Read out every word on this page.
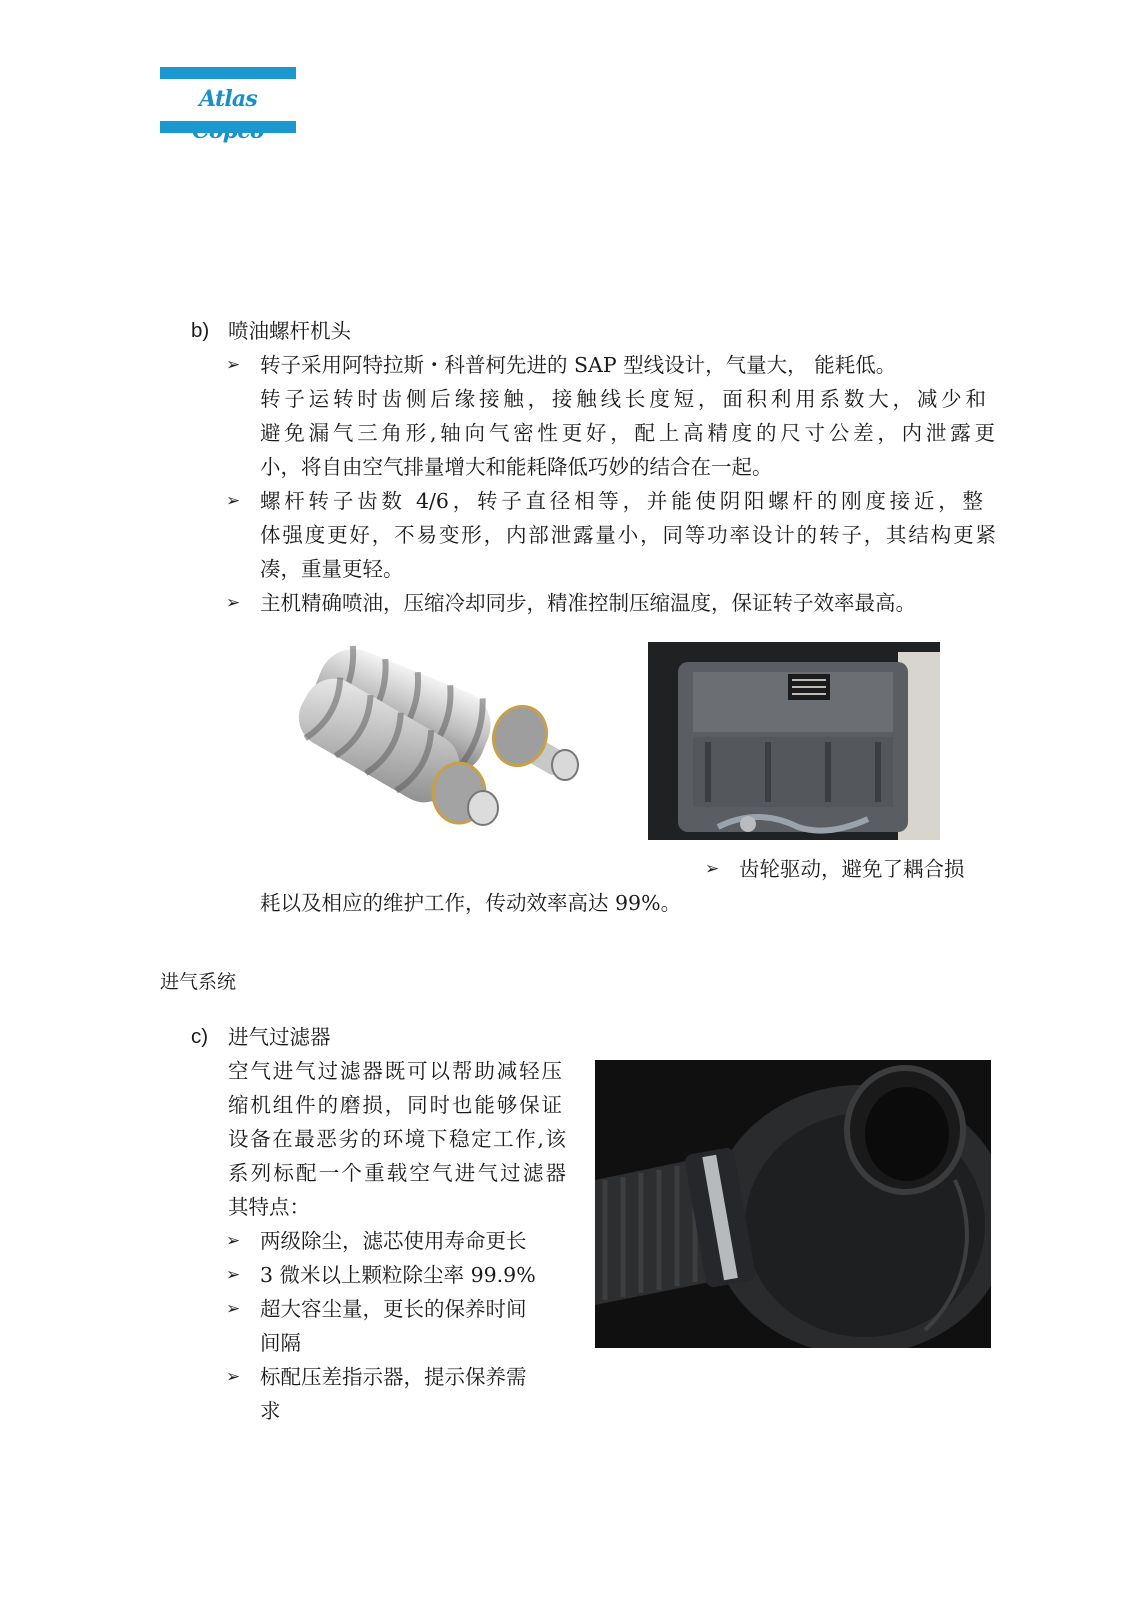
Atlas
b) 喷油螺杆机头
➢ 转子采用阿特拉斯・科普柯先进的 SAP 型线设计，气量大， 能耗低。
转子运转时齿侧后缘接触，接触线长度短，面积利用系数大，减少和
避免漏气三角形,轴向气密性更好，配上高精度的尺寸公差，内泄露更
小，将自由空气排量增大和能耗降低巧妙的结合在一起。
➢ 螺杆转子齿数 4/6，转子直径相等，并能使阴阳螺杆的刚度接近，整
体强度更好，不易变形，内部泄露量小，同等功率设计的转子，其结构更紧
凑，重量更轻。
➢ 主机精确喷油，压缩冷却同步，精准控制压缩温度，保证转子效率最高。
➢ 齿轮驱动，避免了耦合损
耗以及相应的维护工作，传动效率高达 99%。
进气系统
c) 进气过滤器
空气进气过滤器既可以帮助减轻压
缩机组件的磨损，同时也能够保证
设备在最恶劣的环境下稳定工作,该
系列标配一个重载空气进气过滤器
其特点：
➢ 两级除尘，滤芯使用寿命更长
➢ 3 微米以上颗粒除尘率 99.9%
➢ 超大容尘量，更长的保养时间
间隔
➢ 标配压差指示器，提示保养需
求
